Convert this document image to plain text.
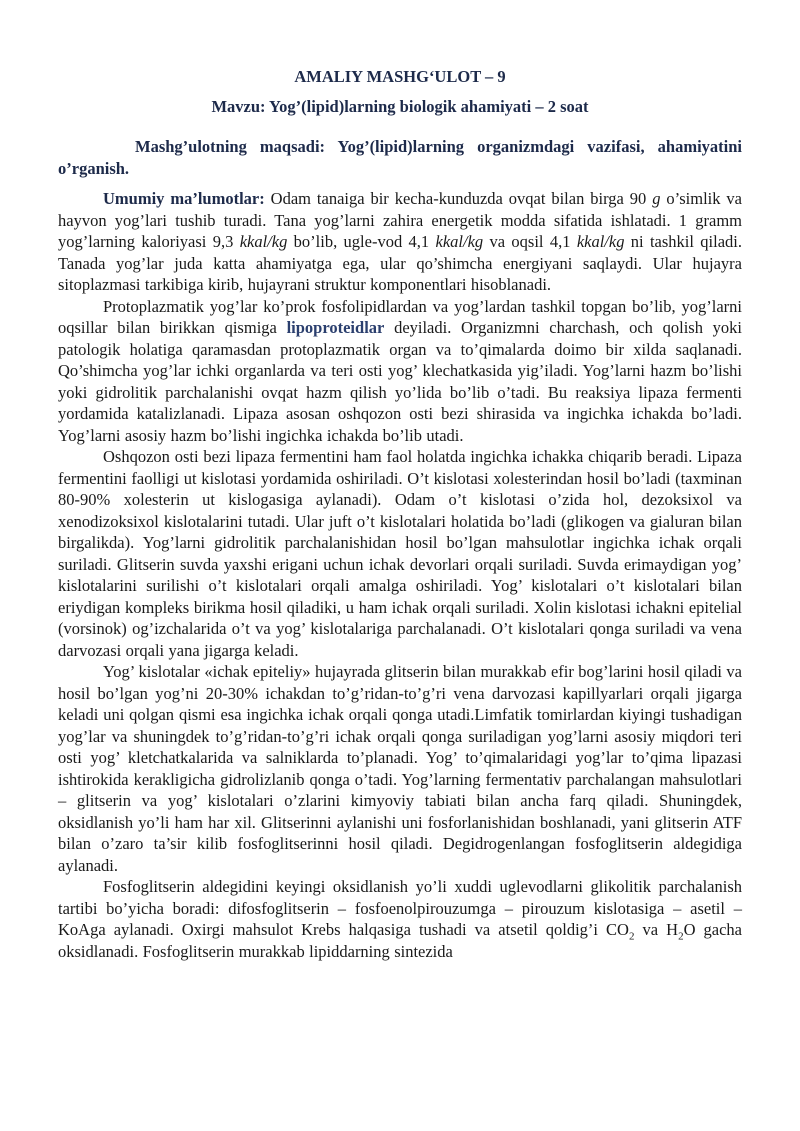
AMALIY MASHG‘ULOT – 9
Mavzu: Yog’(lipid)larning biologik ahamiyati – 2 soat

Mashg’ulotning maqsadi: Yog’(lipid)larning organizmdagi vazifasi, ahamiyatini o’rganish.

Umumiy ma’lumotlar: Odam tanaiga bir kecha-kunduzda ovqat bilan birga 90 g o’simlik va hayvon yog’lari tushib turadi. Tana yog’larni zahira energetik modda sifatida ishlatadi. 1 gramm yog’larning kaloriyasi 9,3 kkal/kg bo’lib, ugle-vod 4,1 kkal/kg va oqsil 4,1 kkal/kg ni tashkil qiladi. Tanada yog’lar juda katta ahamiyatga ega, ular qo’shimcha energiyani saqlaydi. Ular hujayra sitoplazmasi tarkibiga kirib, hujayrani struktur komponentlari hisoblanadi.

Protoplazmatik yog’lar ko’prok fosfolipidlardan va yog’lardan tashkil topgan bo’lib, yog’larni oqsillar bilan birikkan qismiga lipoproteidlar deyiladi. Organizmni charchash, och qolish yoki patologik holatiga qaramasdan protoplazmatik organ va to’qimalarda doimo bir xilda saqlanadi. Qo’shimcha yog’lar ichki organlarda va teri osti yog’ klechatkasida yig’iladi. Yog’larni hazm bo’lishi yoki gidrolitik parchalanishi ovqat hazm qilish yo’lida bo’lib o’tadi. Bu reaksiya lipaza fermenti yordamida katalizlanadi. Lipaza asosan oshqozon osti bezi shirasida va ingichka ichakda bo’ladi. Yog’larni asosiy hazm bo’lishi ingichka ichakda bo’lib utadi.

Oshqozon osti bezi lipaza fermentini ham faol holatda ingichka ichakka chiqarib beradi. Lipaza fermentini faolligi ut kislotasi yordamida oshiriladi. O’t kislotasi xolesterindan hosil bo’ladi (taxminan 80-90% xolesterin ut kislogasiga aylanadi). Odam o’t kislotasi o’zida hol, dezoksixol va xenodizoksixol kislotalarini tutadi. Ular juft o’t kislotalari holatida bo’ladi (glikogen va gialuran bilan birgalikda). Yog’larni gidrolitik parchalanishidan hosil bo’lgan mahsulotlar ingichka ichak orqali suriladi. Glitserin suvda yaxshi erigani uchun ichak devorlari orqali suriladi. Suvda erimaydigan yog’ kislotalarini surilishi o’t kislotalari orqali amalga oshiriladi. Yog’ kislotalari o’t kislotalari bilan eriydigan kompleks birikma hosil qiladiki, u ham ichak orqali suriladi. Xolin kislotasi ichakni epitelial (vorsinok) og’izchalarida o’t va yog’ kislotalariga parchalanadi. O’t kislotalari qonga suriladi va vena darvozasi orqali yana jigarga keladi.

Yog’ kislotalar «ichak epiteliy» hujayrada glitserin bilan murakkab efir bog’larini hosil qiladi va hosil bo’lgan yog’ni 20-30% ichakdan to’g’ridan-to’g’ri vena darvozasi kapillyarlari orqali jigarga keladi uni qolgan qismi esa ingichka ichak orqali qonga utadi.Limfatik tomirlardan kiyingi tushadigan yog’lar va shuningdek to’g’ridan-to’g’ri ichak orqali qonga suriladigan yog’larni asosiy miqdori teri osti yog’ kletchatkalarida va salniklarda to’planadi. Yog’ to’qimalaridagi yog’lar to’qima lipazasi ishtirokida kerakligicha gidrolizlanib qonga o’tadi. Yog’larning fermentativ parchalangan mahsulotlari – glitserin va yog’ kislotalari o’zlarini kimyoviy tabiati bilan ancha farq qiladi. Shuningdek, oksidlanish yo’li ham har xil. Glitserinni aylanishi uni fosforlanishidan boshlanadi, yani glitserin ATF bilan o’zaro ta’sir kilib fosfoglitserinni hosil qiladi. Degidrogenlangan fosfoglitserin aldegidiga aylanadi.

Fosfoglitserin aldegidini keyingi oksidlanish yo’li xuddi uglevodlarni glikolitik parchalanish tartibi bo’yicha boradi: difosfoglitserin – fosfoenolpirouzumga – pirouzum kislotasiga – asetil – KoAga aylanadi. Oxirgi mahsulot Krebs halqasiga tushadi va atsetil qoldig’i $CO_2$ va $H_2O$ gacha oksidlanadi. Fosfoglitserin murakkab lipiddarning sintezida
